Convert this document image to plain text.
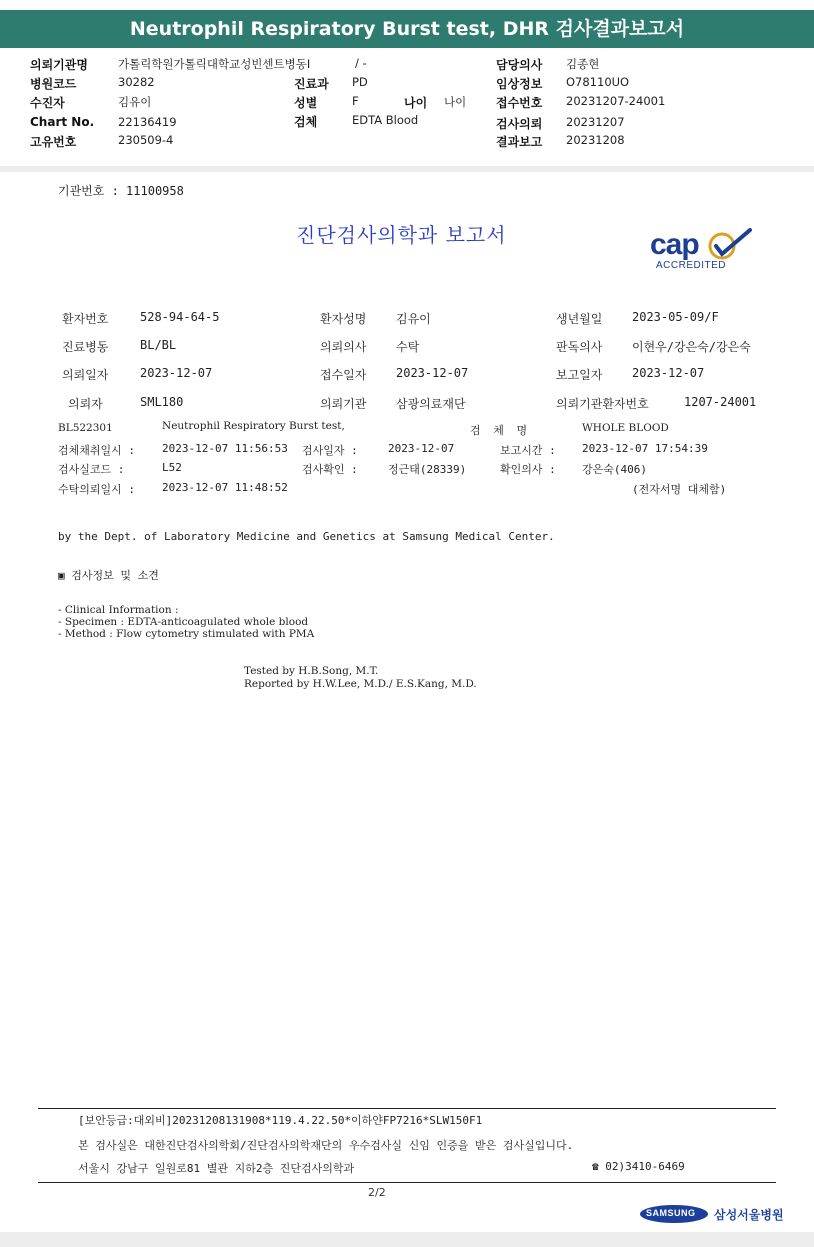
Neutrophil Respiratory Burst test, DHR 검사결과보고서
의뢰기관명	가톨릭학원가톨릭대학교성빈센트병동I	/ -	담당의사 김종현
병원코드	30282	진료과 PD	임상정보 O78110UO
수진자	김유이	성별	F	나이 나이 접수번호 20231207-24001
Chart No. 22136419	검체	EDTA Blood	검사의뢰 20231207
고유번호	230509-4	결과보고 20231208
기관번호 : 11100958
진단검사의학과 보고서	cap
ACCREDITED
환자번호	528-94-64-5	환자성명 김유이	생년월일 2023-05-09/F
진료병동	BL/BL	의뢰의사 수탁	판독의사 이현우/강은숙/강은숙
의뢰일자	2023-12-07	접수일자 2023-12-07	보고일자 2023-12-07
의뢰자	SML180	의뢰기관 삼광의료재단	의뢰기관환자번호	1207-24001
BL522301	Neutrophil Respiratory Burst test,	검 체 명	WHOLE BLOOD
검체채취일시 : 2023-12-07 11:56:53 검사일자 :	2023-12-07	보고시간 : 2023-12-07 17:54:39
검사실코드 :	L52	검사확인 :	정근태(28339)	확인의사 : 강은숙(406)
수탁의뢰일시 : 2023-12-07 11:48:52	(전자서명 대체함)
by the Dept. of Laboratory Medicine and Genetics at Samsung Medical Center.
▣ 검사정보 및 소견
- Clinical Information :
- Specimen : EDTA-anticoagulated whole blood
- Method : Flow cytometry stimulated with PMA
Tested by H.B.Song, M.T.
Reported by H.W.Lee, M.D./ E.S.Kang, M.D.
[보안등급:대외비]20231208131908*119.4.22.50*이하얀FP7216*SLW150F1
본 검사실은 대한진단검사의학회/진단검사의학재단의 우수검사실 신임 인증을 받은 검사실입니다.
서울시 강남구 일원로81 별관 지하2층 진단검사의학과	☎ 02)3410-6469
2/2
SAMSUNG 삼성서울병원
